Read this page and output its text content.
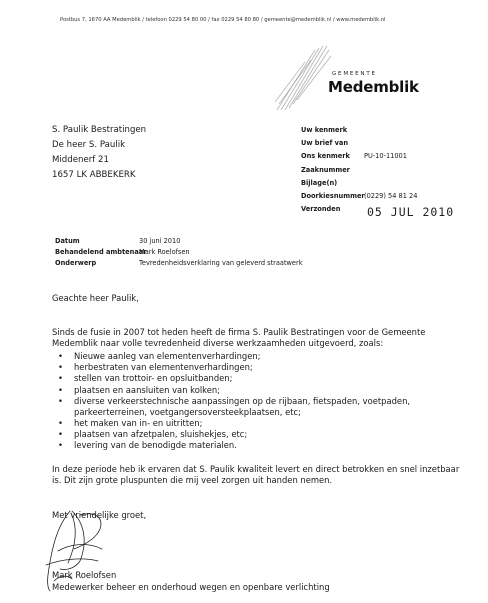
Postbus 7, 1670 AA Medemblik / telefoon 0229 54 80 00 / fax 0229 54 80 80 / gemeente@medemblik.nl / www.medemblik.nl
GEMEENTE
Medemblik
S. Paulik Bestratingen
De heer S. Paulik
Middenerf 21
1657 LK ABBEKERK
Uw kenmerk
Uw brief van
Ons kenmerk PU-10-11001
Zaaknummer
Bijlage(n)
Doorkiesnummer (0229) 54 81 24
Verzonden 05 JUL 2010
Datum	30 juni 2010
Behandelend ambtenaar
Mark Roelofsen
Onderwerp	Tevredenheidsverklaring van geleverd straatwerk

Geachte heer Paulik,

Sinds de fusie in 2007 tot heden heeft de firma S. Paulik Bestratingen voor de Gemeente Medemblik naar volle tevredenheid diverse werkzaamheden uitgevoerd, zoals:

• Nieuwe aanleg van elementenverhardingen;
• herbestraten van elementenverhardingen;
• stellen van trottoir- en opsluitbanden;
• plaatsen en aansluiten van kolken;
• diverse verkeerstechnische aanpassingen op de rijbaan, fietspaden, voetpaden, parkeerterreinen, voetgangersoversteekplaatsen, etc;
• het maken van in- en uitritten;
• plaatsen van afzetpalen, sluishekjes, etc;
• levering van de benodigde materialen.

In deze periode heb ik ervaren dat S. Paulik kwaliteit levert en direct betrokken en snel inzetbaar is. Dit zijn grote pluspunten die mij veel zorgen uit handen nemen.

Met vriendelijke groet,
Mark Roelofsen
Medewerker beheer en onderhoud wegen en openbare verlichting
